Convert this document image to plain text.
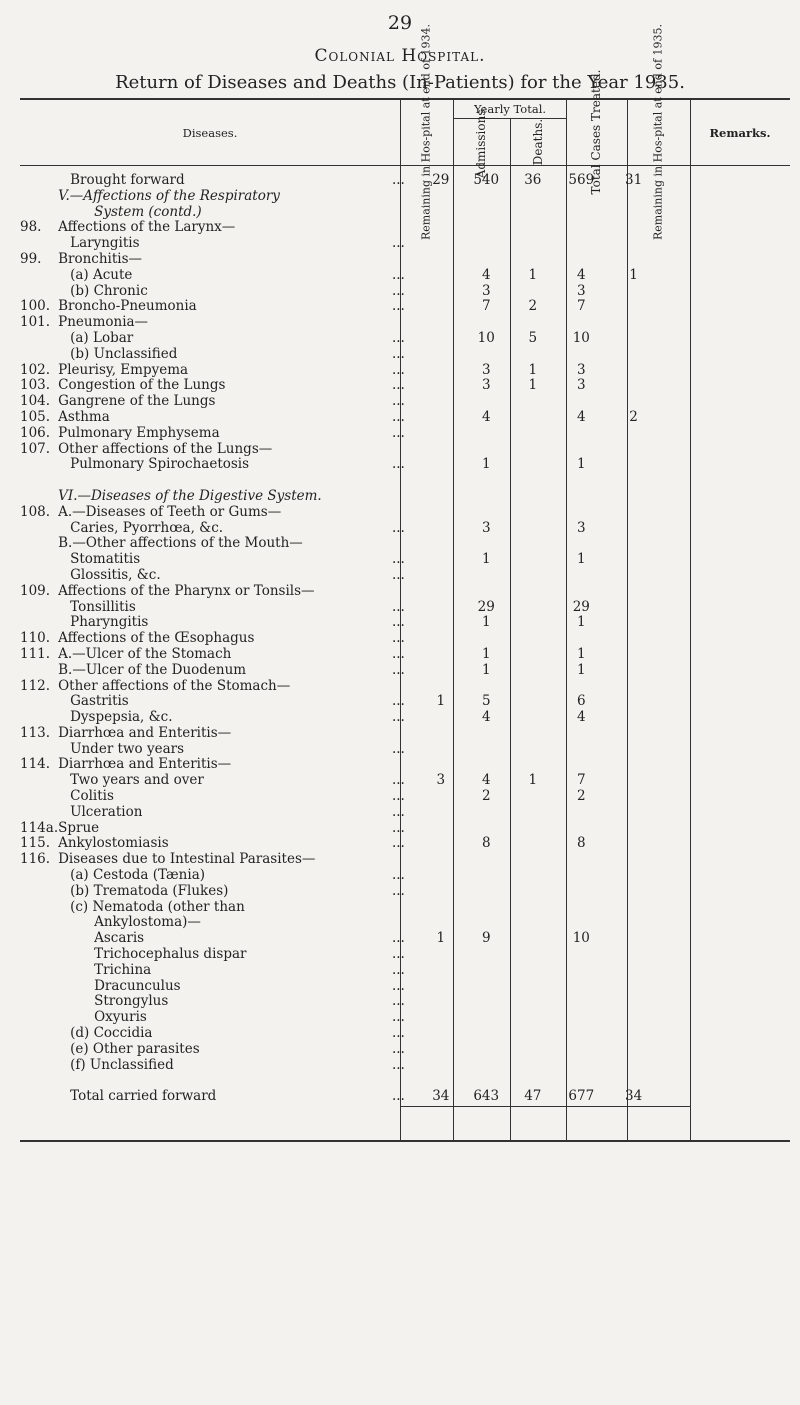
29
Colonial Hospital.
Return of Diseases and Deaths (In-Patients) for the Year 1935.
Diseases.
Yearly Total.
Remarks.
Remaining in Hos-pital at end of 1934.	Admissions.	Deaths.	Total Cases Treated.	Remaining in Hos-pital at end of 1935.
	Brought forward	...	29	540	36	569	31
	V.—Affections of the Respiratory						
	System (contd.)						
98.	Affections of the Larynx—						
	Laryngitis	...					
99.	Bronchitis—						
	(a) Acute	...		4	1	4	1
	(b) Chronic	...		3		3	
100.	Broncho-Pneumonia	...		7	2	7	
101.	Pneumonia—						
	(a) Lobar	...		10	5	10	
	(b) Unclassified	...					
102.	Pleurisy, Empyema	...		3	1	3	
103.	Congestion of the Lungs	...		3	1	3	
104.	Gangrene of the Lungs	...					
105.	Asthma	...		4		4	2
106.	Pulmonary Emphysema	...					
107.	Other affections of the Lungs—						
	Pulmonary Spirochaetosis	...		1		1	

	VI.—Diseases of the Digestive System.						
108.	A.—Diseases of Teeth or Gums—						
	Caries, Pyorrhœa, &c.	...		3		3	
	B.—Other affections of the Mouth—						
	Stomatitis	...		1		1	
	Glossitis, &c.	...					
109.	Affections of the Pharynx or Tonsils—						
	Tonsillitis	...		29		29	
	Pharyngitis	...		1		1	
110.	Affections of the Œsophagus	...					
111.	A.—Ulcer of the Stomach	...		1		1	
	B.—Ulcer of the Duodenum	...		1		1	
112.	Other affections of the Stomach—						
	Gastritis	...	1	5		6	
	Dyspepsia, &c.	...		4		4	
113.	Diarrhœa and Enteritis—						
	Under two years	...					
114.	Diarrhœa and Enteritis—						
	Two years and over	...	3	4	1	7	
	Colitis	...		2		2	
	Ulceration	...					
114a.	Sprue	...					
115.	Ankylostomiasis	...		8		8	
116.	Diseases due to Intestinal Parasites—						
	(a) Cestoda (Tænia)	...					
	(b) Trematoda (Flukes)	...					
	(c) Nematoda (other than						
	Ankylostoma)—						
	Ascaris	...	1	9		10	
	Trichocephalus dispar	...					
	Trichina	...					
	Dracunculus	...					
	Strongylus	...					
	Oxyuris	...					
	(d) Coccidia	...					
	(e) Other parasites	...					
	(f) Unclassified	...					

	Total carried forward	...	34	643	47	677	34
